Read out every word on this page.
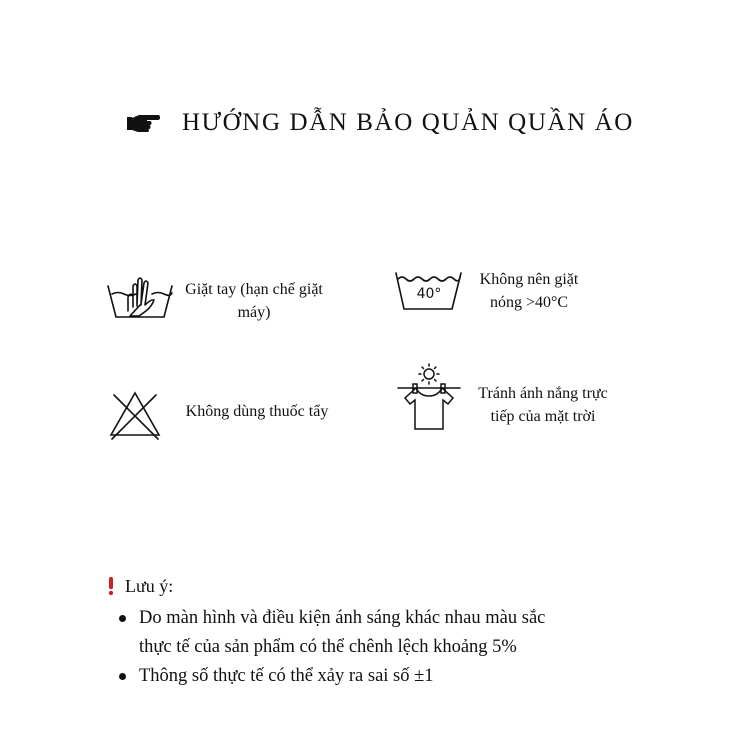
HƯỚNG DẪN BẢO QUẢN QUẦN ÁO
Giặt tay (hạn chế giặt
máy)
40°
Không nên giặt
nóng >40°C
Không dùng thuốc tẩy
Tránh ánh nắng trực
tiếp của mặt trời
Lưu ý:
Do màn hình và điều kiện ánh sáng khác nhau màu sắc
thực tế của sản phẩm có thể chênh lệch khoảng 5%
Thông số thực tế có thể xảy ra sai số ±1
